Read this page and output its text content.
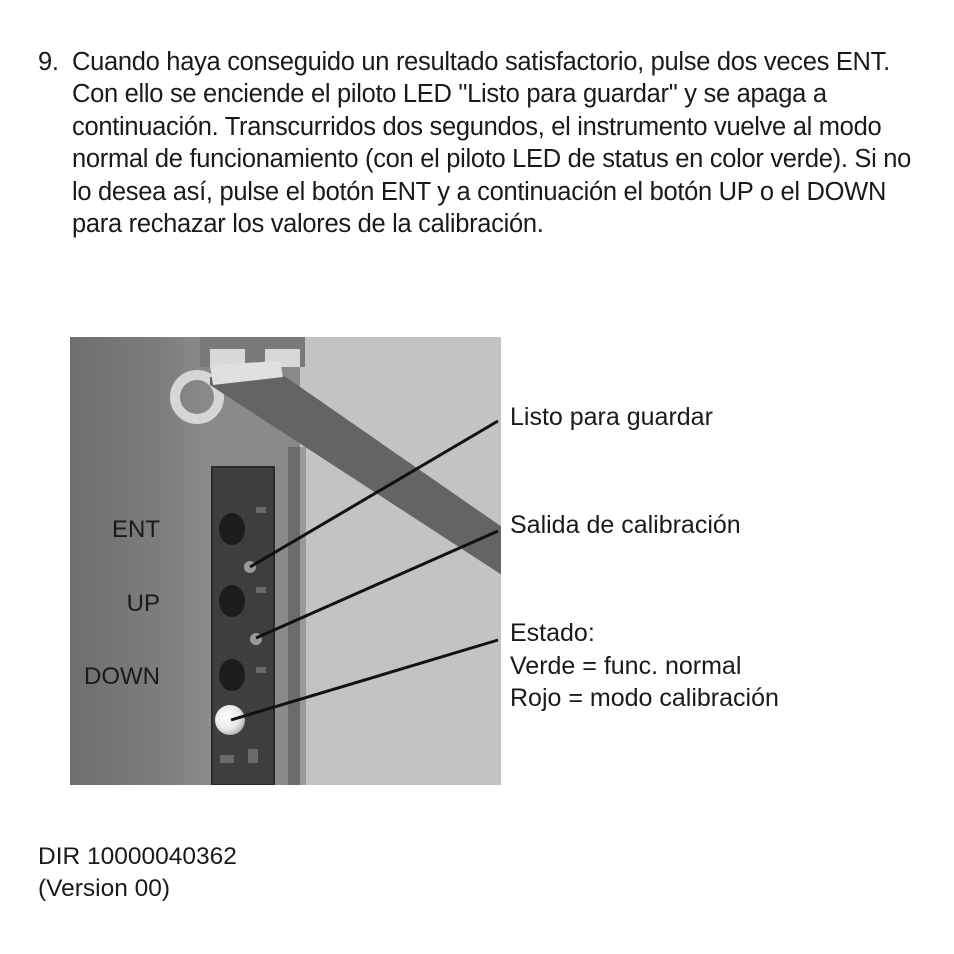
9. Cuando haya conseguido un resultado satisfactorio, pulse dos veces ENT. Con ello se enciende el piloto LED "Listo para guardar" y se apaga a continuación. Transcurridos dos segundos, el instrumento vuelve al modo normal de funcionamiento (con el piloto LED de status en color verde). Si no lo desea así, pulse el botón ENT y a continuación el botón UP o el DOWN para rechazar los valores de la calibración.
ENT
UP
DOWN
Listo para guardar
Salida de calibración
Estado:
Verde = func. normal
Rojo = modo calibración
DIR 10000040362
(Version 00)
